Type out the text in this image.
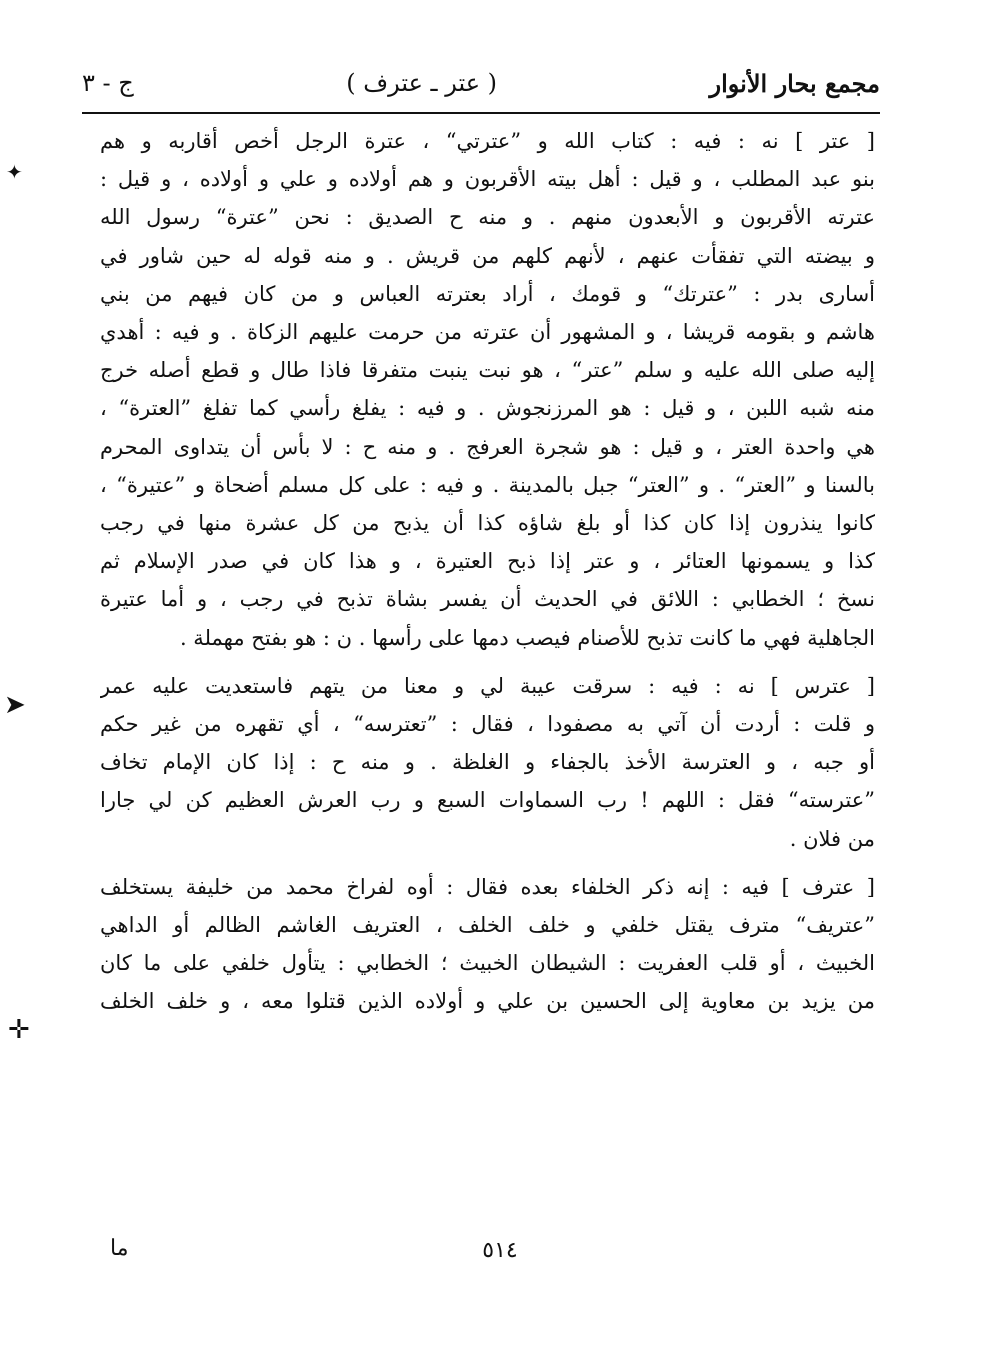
مجمع بحار الأنوار
( عتر ـ عترف )
ج - ٣
[ عتر ] نه : فيه : كتاب الله و ”عترتي“ ، عترة الرجل أخص أقاربه و هم
بنو عبد المطلب ، و قيل : أهل بيته الأقربون و هم أولاده و علي و أولاده ، و قيل :
عترته الأقربون و الأبعدون منهم . و منه ح الصديق : نحن ”عترة“ رسول الله
و بيضته التي تفقأت عنهم ، لأنهم كلهم من قريش . و منه قوله له حين شاور في
أسارى بدر : ”عترتك“ و قومك ، أراد بعترته العباس و من كان فيهم من بني
هاشم و بقومه قريشا ، و المشهور أن عترته من حرمت عليهم الزكاة . و فيه : أهدي
إليه صلى الله عليه و سلم ”عتر“ ، هو نبت ينبت متفرقا فاذا طال و قطع أصله خرج
منه شبه اللبن ، و قيل : هو المرزنجوش . و فيه : يفلغ رأسي كما تفلغ ”العترة“ ،
هي واحدة العتر ، و قيل : هو شجرة العرفج . و منه ح : لا بأس أن يتداوى المحرم
بالسنا و ”العتر“ . و ”العتر“ جبل بالمدينة . و فيه : على كل مسلم أضحاة و ”عتيرة“ ،
كانوا ينذرون إذا كان كذا أو بلغ شاؤه كذا أن يذبح من كل عشرة منها في رجب
كذا و يسمونها العتائر ، و عتر إذا ذبح العتيرة ، و هذا كان في صدر الإسلام ثم
نسخ ؛ الخطابي : اللائق في الحديث أن يفسر بشاة تذبح في رجب ، و أما عتيرة
الجاهلية فهي ما كانت تذبح للأصنام فيصب دمها على رأسها . ن : هو بفتح مهملة .
[ عترس ] نه : فيه : سرقت عيبة لي و معنا من يتهم فاستعديت عليه عمر
و قلت : أردت أن آتي به مصفودا ، فقال : ”تعترسه“ ، أي تقهره من غير حكم
أو جبه ، و العترسة الأخذ بالجفاء و الغلظة . و منه ح : إذا كان الإمام تخاف
”عترسته“ فقل : اللهم ! رب السماوات السبع و رب العرش العظيم كن لي جارا
من فلان .
[ عترف ] فيه : إنه ذكر الخلفاء بعده فقال : أوه لفراخ محمد من خليفة يستخلف
”عتريف“ مترف يقتل خلفي و خلف الخلف ، العتريف الغاشم الظالم أو الداهي
الخبيث ، أو قلب العفريت : الشيطان الخبيث ؛ الخطابي : يتأول خلفي على ما كان
من يزيد بن معاوية إلى الحسين بن علي و أولاده الذين قتلوا معه ، و خلف الخلف
ما	٥١٤
✦
➤
✛
